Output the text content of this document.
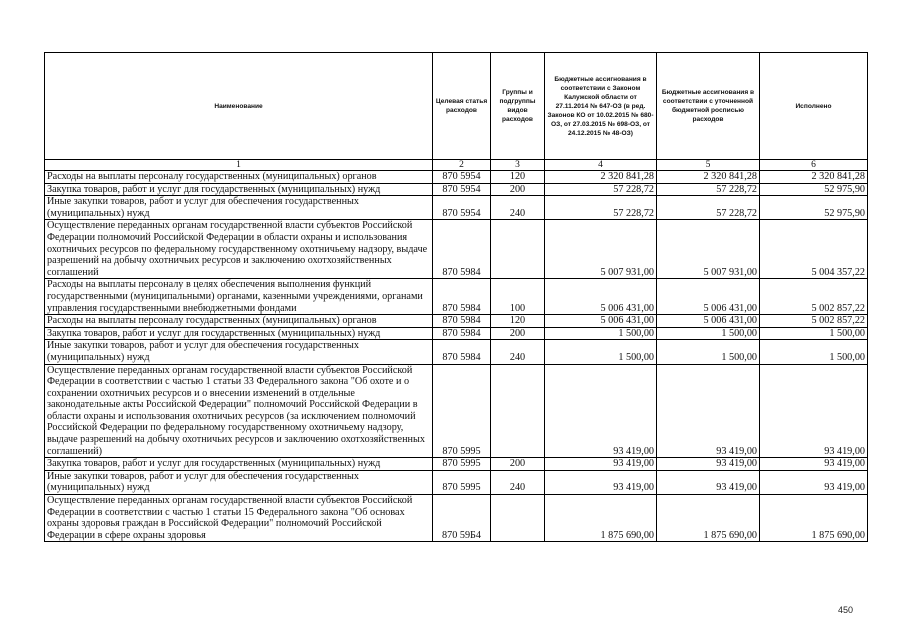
Наименование	Целевая статья расходов	Группы и подгруппы видов расходов	Бюджетные ассигнования в соответствии с Законом Калужской области от 27.11.2014 № 647-ОЗ (в ред. Законов КО от 10.02.2015 № 680-ОЗ, от 27.03.2015 № 698-ОЗ, от 24.12.2015 № 48-ОЗ)	Бюджетные ассигнования в соответствии с уточненной бюджетной росписью расходов	Исполнено
1	2	3	4	5	6
Расходы на выплаты персоналу государственных (муниципальных) органов	870 5954	120	2 320 841,28	2 320 841,28	2 320 841,28
Закупка товаров, работ и услуг для государственных (муниципальных) нужд	870 5954	200	57 228,72	57 228,72	52 975,90
Иные закупки товаров, работ и услуг для обеспечения государственных (муниципальных) нужд	870 5954	240	57 228,72	57 228,72	52 975,90
Осуществление переданных органам государственной власти субъектов Российской Федерации полномочий Российской Федерации в области охраны и использования охотничьих ресурсов по федеральному государственному охотничьему надзору, выдаче разрешений на добычу охотничьих ресурсов и заключению охотхозяйственных соглашений	870 5984		5 007 931,00	5 007 931,00	5 004 357,22
Расходы на выплаты персоналу в целях обеспечения выполнения функций государственными (муниципальными) органами, казенными учреждениями, органами управления государственными внебюджетными фондами	870 5984	100	5 006 431,00	5 006 431,00	5 002 857,22
Расходы на выплаты персоналу государственных (муниципальных) органов	870 5984	120	5 006 431,00	5 006 431,00	5 002 857,22
Закупка товаров, работ и услуг для государственных (муниципальных) нужд	870 5984	200	1 500,00	1 500,00	1 500,00
Иные закупки товаров, работ и услуг для обеспечения государственных (муниципальных) нужд	870 5984	240	1 500,00	1 500,00	1 500,00
Осуществление переданных органам государственной власти субъектов Российской Федерации в соответствии с частью 1 статьи 33 Федерального закона "Об охоте и о сохранении охотничьих ресурсов и о внесении изменений в отдельные законодательные акты Российской Федерации" полномочий Российской Федерации в области охраны и использования охотничьих ресурсов (за исключением полномочий Российской Федерации по федеральному государственному охотничьему надзору, выдаче разрешений на добычу охотничьих ресурсов и заключению охотхозяйственных соглашений)	870 5995		93 419,00	93 419,00	93 419,00
Закупка товаров, работ и услуг для государственных (муниципальных) нужд	870 5995	200	93 419,00	93 419,00	93 419,00
Иные закупки товаров, работ и услуг для обеспечения государственных (муниципальных) нужд	870 5995	240	93 419,00	93 419,00	93 419,00
Осуществление переданных органам государственной власти субъектов Российской Федерации в соответствии с частью 1 статьи 15 Федерального закона "Об основах охраны здоровья граждан в Российской Федерации" полномочий Российской Федерации в сфере охраны здоровья	870 59Б4		1 875 690,00	1 875 690,00	1 875 690,00
450
